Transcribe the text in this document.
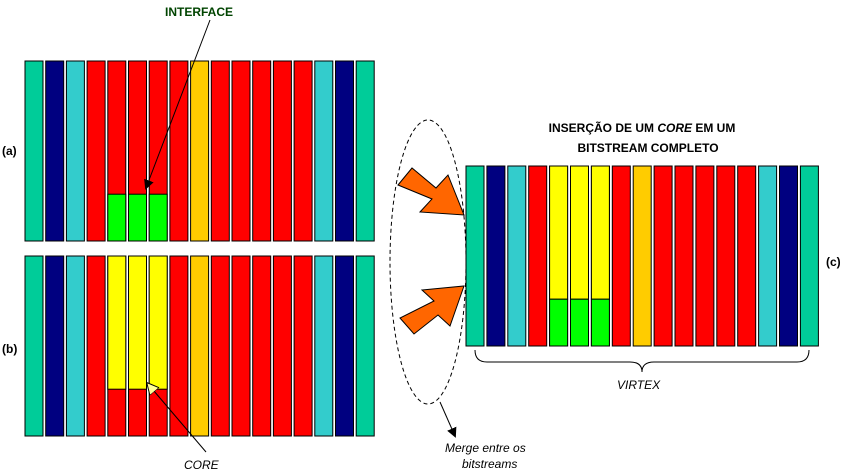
(a)
(b)
(c)
INTERFACE
CORE
INSERÇÃO DE UM CORE EM UM
BITSTREAM COMPLETO
Merge entre os
bitstreams
VIRTEX
